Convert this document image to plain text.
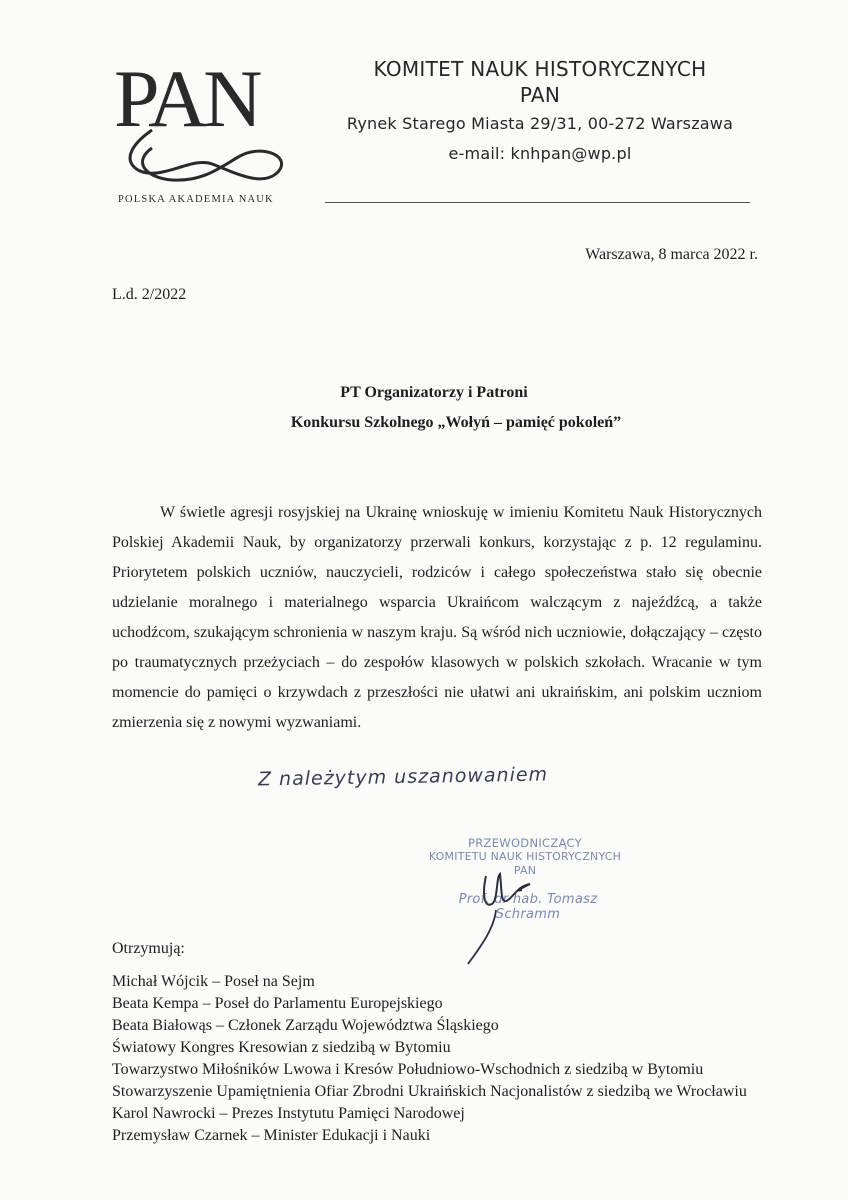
PAN
POLSKA AKADEMIA NAUK
KOMITET NAUK HISTORYCZNYCH
PAN
Rynek Starego Miasta 29/31, 00-272 Warszawa
e-mail: knhpan@wp.pl
Warszawa, 8 marca 2022 r.
L.d. 2/2022
PT Organizatorzy i Patroni
Konkursu Szkolnego „Wołyń – pamięć pokoleń”
W świetle agresji rosyjskiej na Ukrainę wnioskuję w imieniu Komitetu Nauk Historycznych Polskiej Akademii Nauk, by organizatorzy przerwali konkurs, korzystając z p. 12 regulaminu. Priorytetem polskich uczniów, nauczycieli, rodziców i całego społeczeństwa stało się obecnie udzielanie moralnego i materialnego wsparcia Ukraińcom walczącym z najeźdźcą, a także uchodźcom, szukającym schronienia w naszym kraju. Są wśród nich uczniowie, dołączający – często po traumatycznych przeżyciach – do zespołów klasowych w polskich szkołach. Wracanie w tym momencie do pamięci o krzywdach z przeszłości nie ułatwi ani ukraińskim, ani polskim uczniom zmierzenia się z nowymi wyzwaniami.
Z należytym uszanowaniem
PRZEWODNICZĄCY
KOMITETU NAUK HISTORYCZNYCH PAN
Prof. dr hab. Tomasz Schramm
Otrzymują:
Michał Wójcik – Poseł na Sejm
Beata Kempa – Poseł do Parlamentu Europejskiego
Beata Białowąs – Członek Zarządu Województwa Śląskiego
Światowy Kongres Kresowian z siedzibą w Bytomiu
Towarzystwo Miłośników Lwowa i Kresów Południowo-Wschodnich z siedzibą w Bytomiu
Stowarzyszenie Upamiętnienia Ofiar Zbrodni Ukraińskich Nacjonalistów z siedzibą we Wrocławiu
Karol Nawrocki – Prezes Instytutu Pamięci Narodowej
Przemysław Czarnek – Minister Edukacji i Nauki
